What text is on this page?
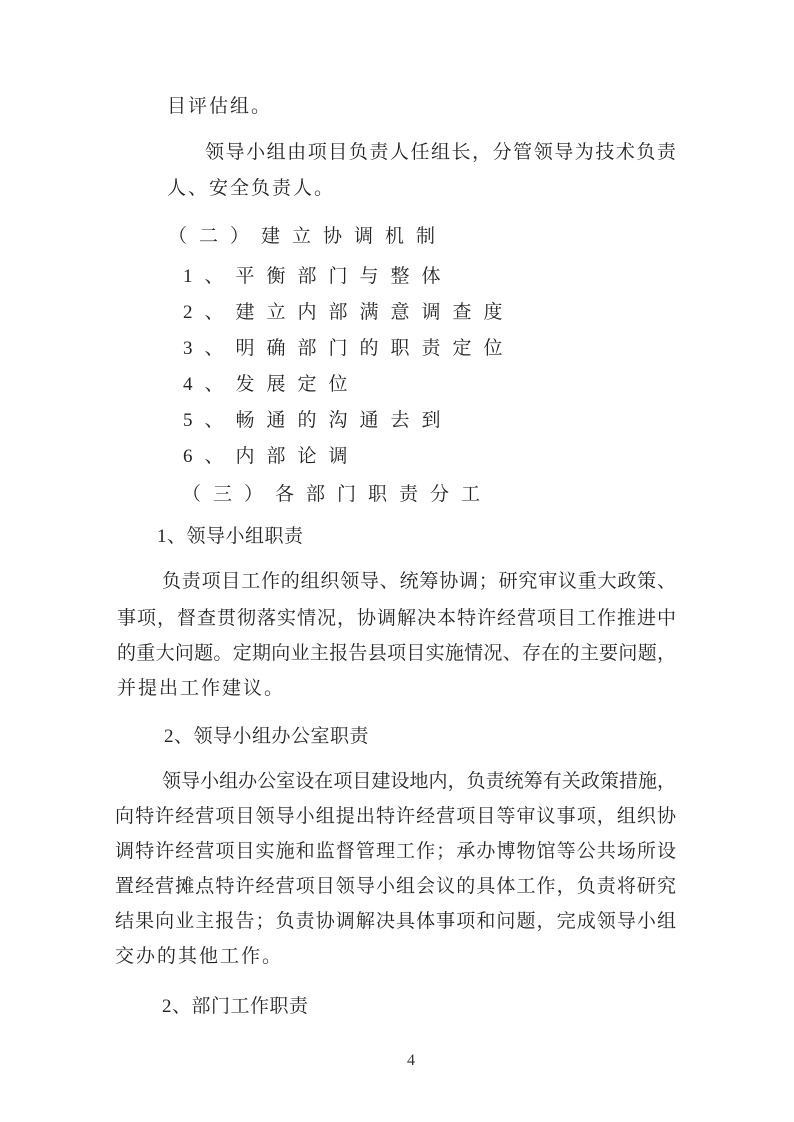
目评估组。
领导小组由项目负责人任组长，分管领导为技术负责
人、安全负责人。
（二）建立协调机制
1、平衡部门与整体
2、建立内部满意调查度
3、明确部门的职责定位
4、发展定位
5、畅通的沟通去到
6、内部论调
（三）各部门职责分工
1、领导小组职责
负责项目工作的组织领导、统筹协调；研究审议重大政策、
事项，督查贯彻落实情况，协调解决本特许经营项目工作推进中
的重大问题。定期向业主报告县项目实施情况、存在的主要问题，
并提出工作建议。
2、领导小组办公室职责
领导小组办公室设在项目建设地内，负责统筹有关政策措施，
向特许经营项目领导小组提出特许经营项目等审议事项，组织协
调特许经营项目实施和监督管理工作；承办博物馆等公共场所设
置经营摊点特许经营项目领导小组会议的具体工作，负责将研究
结果向业主报告；负责协调解决具体事项和问题，完成领导小组
交办的其他工作。
2、部门工作职责
4
